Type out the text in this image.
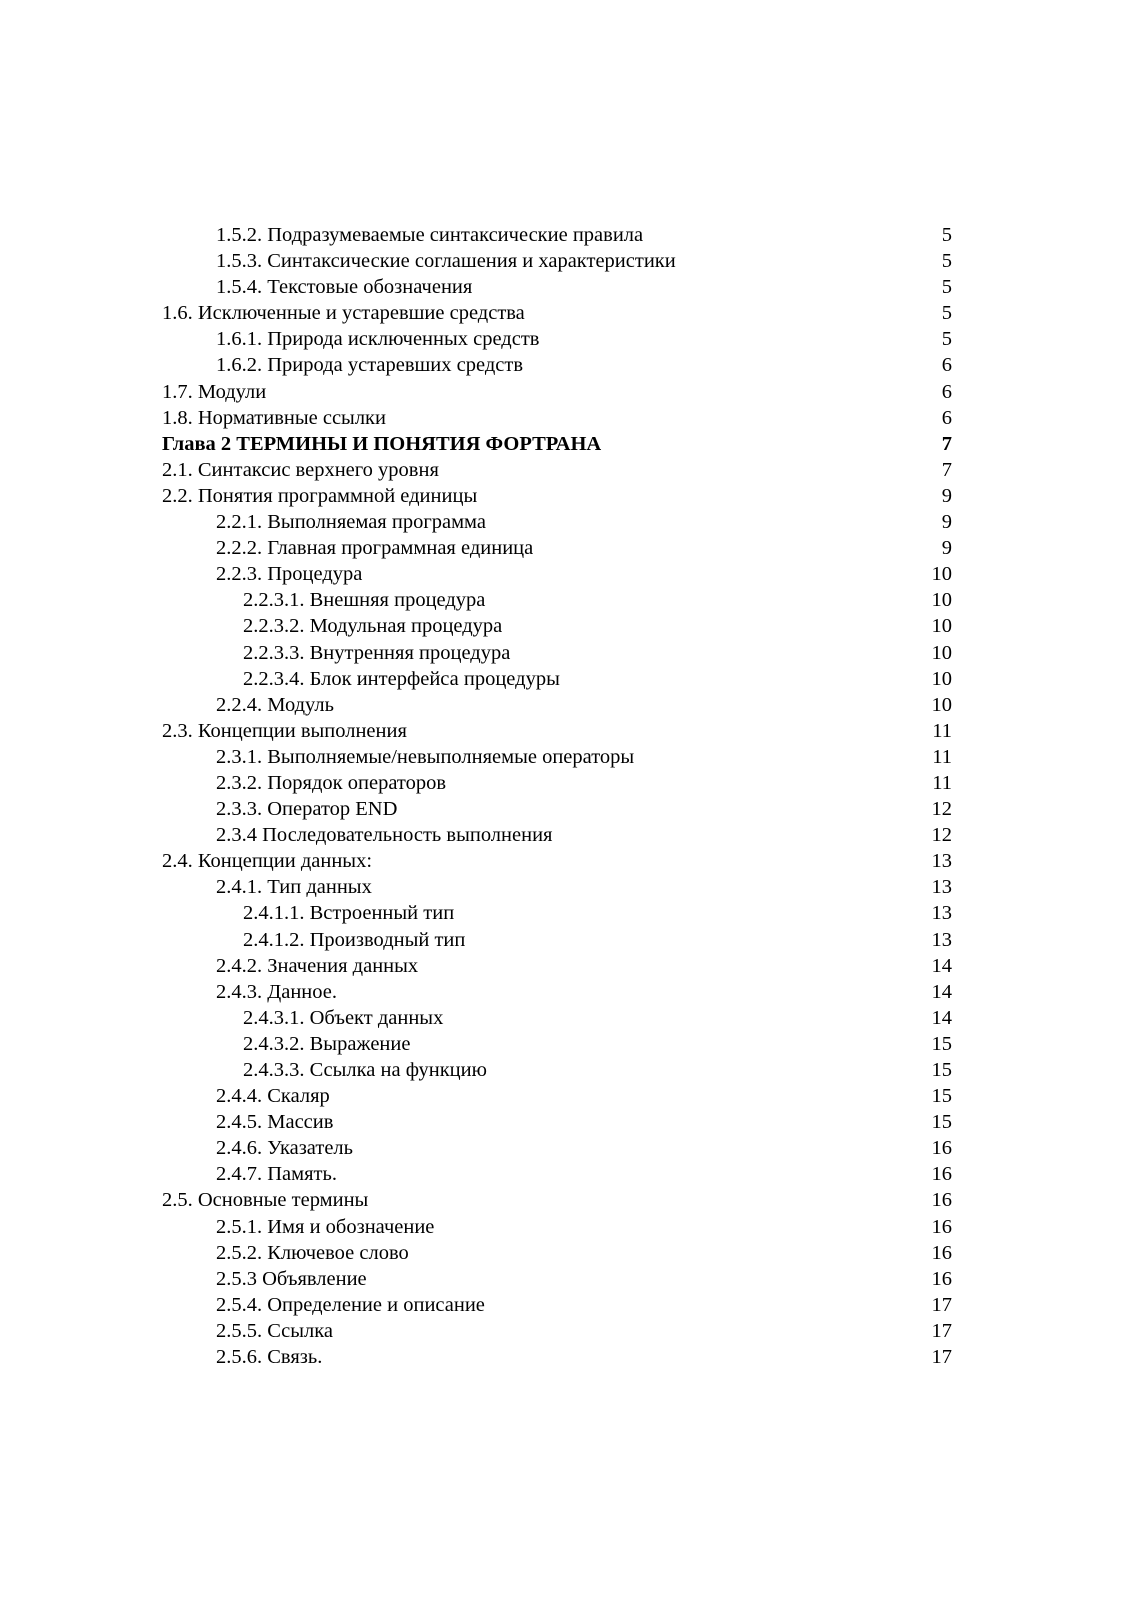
1.5.2. Подразумеваемые синтаксические правила	5
1.5.3. Синтаксические соглашения и характеристики	5
1.5.4. Текстовые обозначения	5
1.6. Исключенные и устаревшие средства	5
1.6.1. Природа исключенных средств	5
1.6.2. Природа устаревших средств	6
1.7. Модули	6
1.8. Нормативные ссылки	6
Глава 2 ТЕРМИНЫ И ПОНЯТИЯ ФОРТРАНА	7
2.1. Синтаксис верхнего уровня	7
2.2. Понятия программной единицы	9
2.2.1. Выполняемая программа	9
2.2.2. Главная программная единица	9
2.2.3. Процедура	10
2.2.3.1. Внешняя процедура	10
2.2.3.2. Модульная процедура	10
2.2.3.3. Внутренняя процедура	10
2.2.3.4. Блок интерфейса процедуры	10
2.2.4. Модуль	10
2.3. Концепции выполнения	11
2.3.1. Выполняемые/невыполняемые операторы	11
2.3.2. Порядок операторов	11
2.3.3. Оператор END	12
2.3.4 Последовательность выполнения	12
2.4. Концепции данных:	13
2.4.1. Тип данных	13
2.4.1.1. Встроенный тип	13
2.4.1.2. Производный тип	13
2.4.2. Значения данных	14
2.4.3. Данное.	14
2.4.3.1. Объект данных	14
2.4.3.2. Выражение	15
2.4.3.3. Ссылка на функцию	15
2.4.4. Скаляр	15
2.4.5. Массив	15
2.4.6. Указатель	16
2.4.7. Память.	16
2.5. Основные термины	16
2.5.1. Имя и обозначение	16
2.5.2. Ключевое слово	16
2.5.3 Объявление	16
2.5.4. Определение и описание	17
2.5.5. Ссылка	17
2.5.6. Связь.	17
